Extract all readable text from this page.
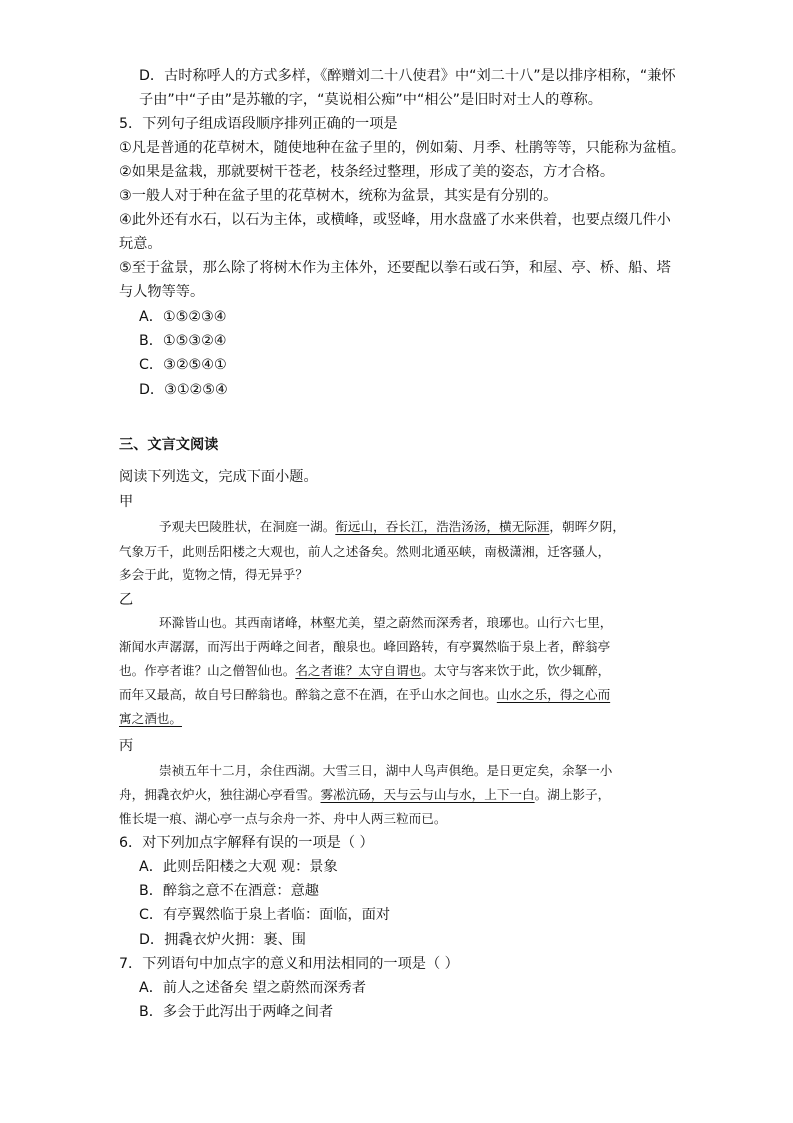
D．古时称呼人的方式多样，《醉赠刘二十八使君》中“刘二十八”是以排序相称，“兼怀
子由”中“子由”是苏辙的字，“莫说相公痴”中“相公”是旧时对士人的尊称。
5．下列句子组成语段顺序排列正确的一项是
①凡是普通的花草树木，随使地种在盆子里的，例如菊、月季、杜鹃等等，只能称为盆植。
②如果是盆栽，那就要树干苍老，枝条经过整理，形成了美的姿态，方才合格。
③一般人对于种在盆子里的花草树木，统称为盆景，其实是有分别的。
④此外还有水石，以石为主体，或横峰，或竖峰，用水盘盛了水来供着，也要点缀几件小
玩意。
⑤至于盆景，那么除了将树木作为主体外，还要配以拳石或石笋，和屋、亭、桥、船、塔
与人物等等。
A．①⑤②③④
B．①⑤③②④
C．③②⑤④①
D．③①②⑤④
三、文言文阅读
阅读下列选文，完成下面小题。
甲
予观夫巴陵胜状，在洞庭一湖。衔远山，吞长江，浩浩汤汤，横无际涯，朝晖夕阴，
气象万千，此则岳阳楼之大观也，前人之述备矣。然则北通巫峡，南极潇湘，迁客骚人，
多会于此，览物之情，得无异乎？
乙
环滁皆山也。其西南诸峰，林壑尤美，望之蔚然而深秀者，琅琊也。山行六七里，
渐闻水声潺潺，而泻出于两峰之间者，酿泉也。峰回路转，有亭翼然临于泉上者，醉翁亭
也。作亭者谁？山之僧智仙也。名之者谁？太守自谓也。太守与客来饮于此，饮少辄醉，
而年又最高，故自号曰醉翁也。醉翁之意不在酒，在乎山水之间也。山水之乐，得之心而
寓之酒也。
丙
崇祯五年十二月，余住西湖。大雪三日，湖中人鸟声俱绝。是日更定矣，余拏一小
舟，拥毳衣炉火，独往湖心亭看雪。雾凇沆砀，天与云与山与水，上下一白。湖上影子，
惟长堤一痕、湖心亭一点与余舟一芥、舟中人两三粒而已。
6．对下列加点字解释有误的一项是（ ）
A．此则岳阳楼之大观 观：景象
B．醉翁之意不在酒意：意趣
C．有亭翼然临于泉上者临：面临，面对
D．拥毳衣炉火拥：裹、围
7．下列语句中加点字的意义和用法相同的一项是（ ）
A．前人之述备矣 望之蔚然而深秀者
B．多会于此泻出于两峰之间者
